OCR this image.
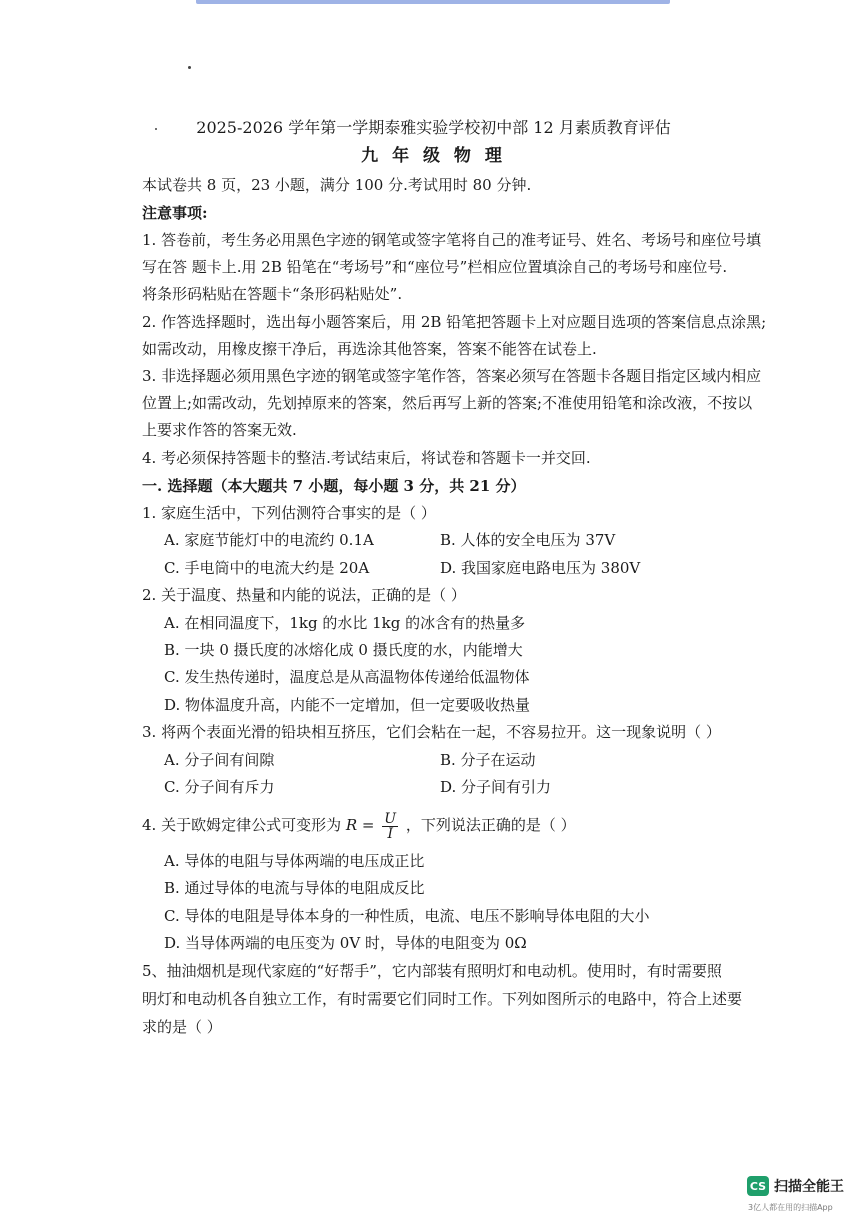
2025-2026 学年第一学期泰雅实验学校初中部 12 月素质教育评估
九 年 级 物 理
本试卷共 8 页，23 小题，满分 100 分.考试用时 80 分钟.
注意事项:
1. 答卷前，考生务必用黑色字迹的钢笔或签字笔将自己的准考证号、姓名、考场号和座位号填
写在答 题卡上.用 2B 铅笔在“考场号”和“座位号”栏相应位置填涂自己的考场号和座位号.
将条形码粘贴在答题卡“条形码粘贴处”.
2. 作答选择题时，选出每小题答案后，用 2B 铅笔把答题卡上对应题目选项的答案信息点涂黑;
如需改动，用橡皮擦干净后，再选涂其他答案，答案不能答在试卷上.
3. 非选择题必须用黑色字迹的钢笔或签字笔作答，答案必须写在答题卡各题目指定区域内相应
位置上;如需改动，先划掉原来的答案，然后再写上新的答案;不准使用铅笔和涂改液，不按以
上要求作答的答案无效.
4. 考必须保持答题卡的整洁.考试结束后，将试卷和答题卡一并交回.
一. 选择题（本大题共 7 小题，每小题 3 分，共 21 分）
1. 家庭生活中，下列估测符合事实的是（ ）
A. 家庭节能灯中的电流约 0.1A	B. 人体的安全电压为 37V
C. 手电筒中的电流大约是 20A	D. 我国家庭电路电压为 380V
2. 关于温度、热量和内能的说法，正确的是（ ）
A. 在相同温度下，1kg 的水比 1kg 的冰含有的热量多
B. 一块 0 摄氏度的冰熔化成 0 摄氏度的水，内能增大
C. 发生热传递时，温度总是从高温物体传递给低温物体
D. 物体温度升高，内能不一定增加，但一定要吸收热量
3. 将两个表面光滑的铅块相互挤压，它们会粘在一起，不容易拉开。这一现象说明（ ）
A. 分子间有间隙	B. 分子在运动
C. 分子间有斥力	D. 分子间有引力
4. 关于欧姆定律公式可变形为 $R = \frac{U}{I}$ ，下列说法正确的是（ ）
A. 导体的电阻与导体两端的电压成正比
B. 通过导体的电流与导体的电阻成反比
C. 导体的电阻是导体本身的一种性质，电流、电压不影响导体电阻的大小
D. 当导体两端的电压变为 0V 时，导体的电阻变为 0Ω
5、抽油烟机是现代家庭的“好帮手”，它内部装有照明灯和电动机。使用时，有时需要照
明灯和电动机各自独立工作，有时需要它们同时工作。下列如图所示的电路中，符合上述要
求的是（ ）
CS 扫描全能王
3亿人都在用的扫描App
